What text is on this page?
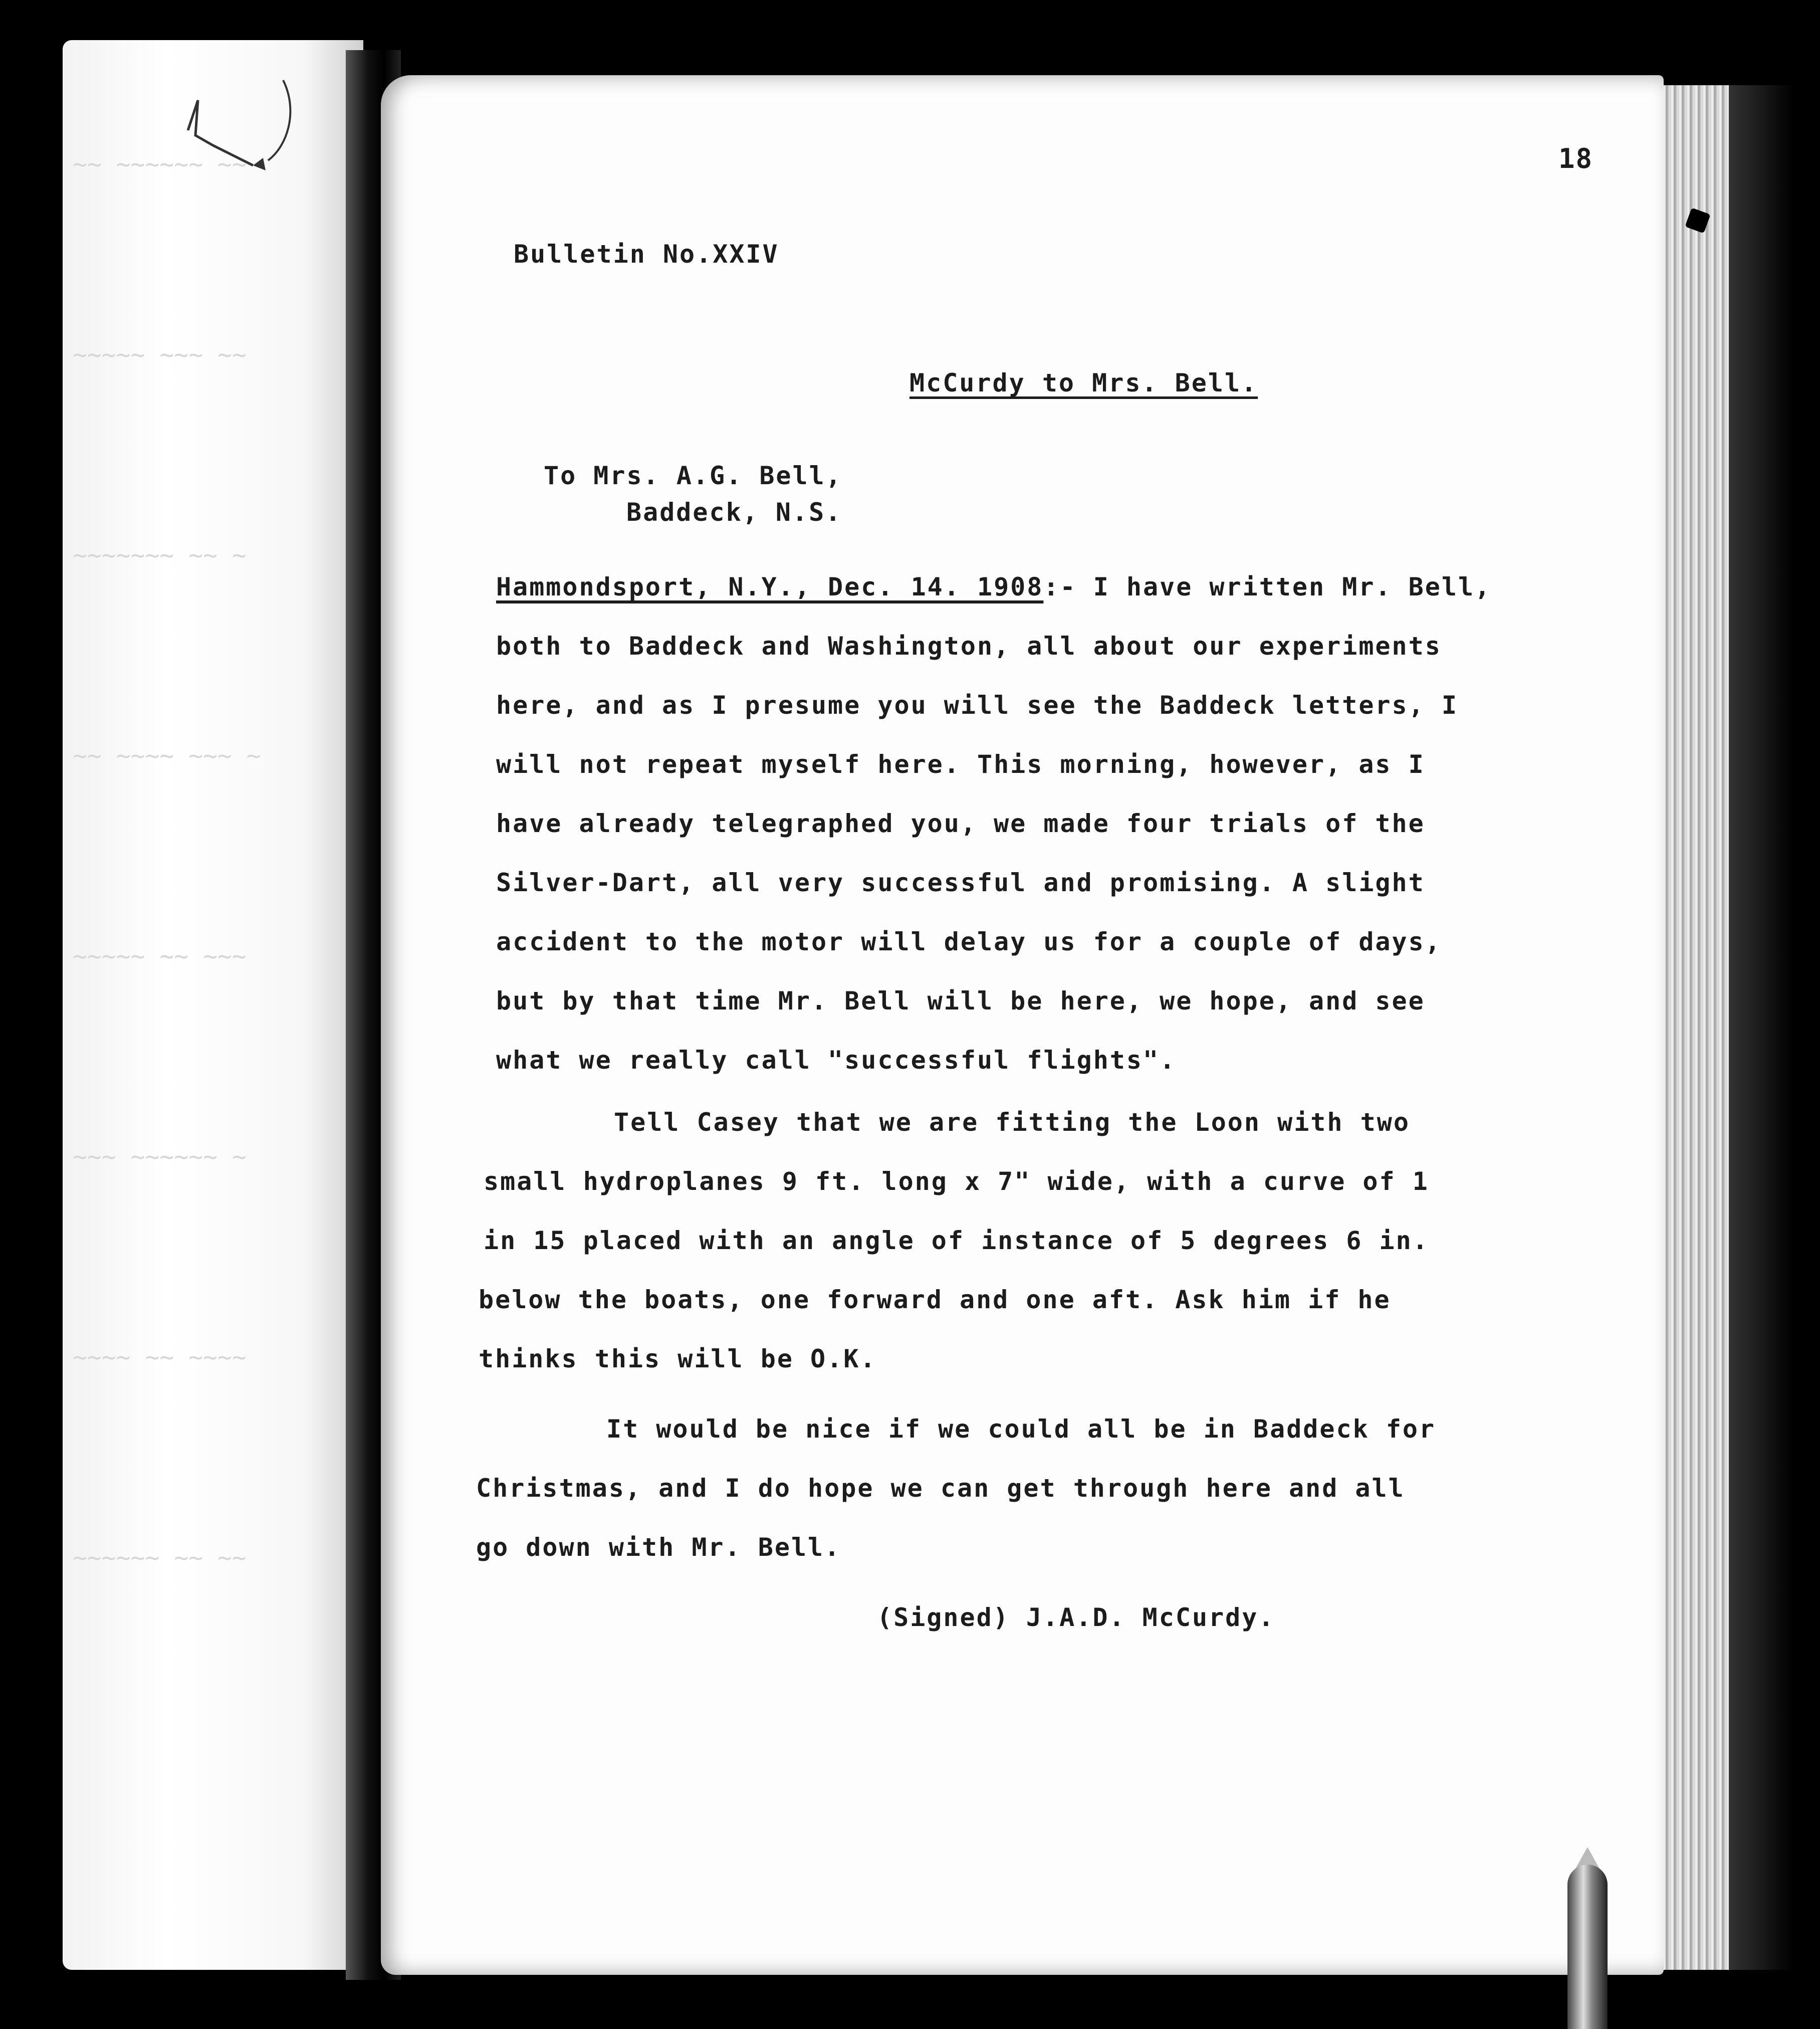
~~ ~~~~~~ ~~
~~~~~ ~~~ ~~
~~~~~~~ ~~ ~
~~ ~~~~ ~~~ ~
~~~~~ ~~ ~~~
~~~ ~~~~~~ ~
~~~~ ~~ ~~~~
~~~~~~ ~~ ~~
18
Bulletin No.XXIV
McCurdy to Mrs. Bell.
To Mrs. A.G. Bell,
Baddeck, N.S.
Hammondsport, N.Y., Dec. 14. 1908:- I have written Mr. Bell,
both to Baddeck and Washington, all about our experiments
here, and as I presume you will see the Baddeck letters, I
will not repeat myself here. This morning, however, as I
have already telegraphed you, we made four trials of the
Silver-Dart, all very successful and promising. A slight
accident to the motor will delay us for a couple of days,
but by that time Mr. Bell will be here, we hope, and see
what we really call "successful flights".
Tell Casey that we are fitting the Loon with two
small hydroplanes 9 ft. long x 7" wide, with a curve of 1
in 15 placed with an angle of instance of 5 degrees 6 in.
below the boats, one forward and one aft. Ask him if he
thinks this will be O.K.
It would be nice if we could all be in Baddeck for
Christmas, and I do hope we can get through here and all
go down with Mr. Bell.
(Signed) J.A.D. McCurdy.
